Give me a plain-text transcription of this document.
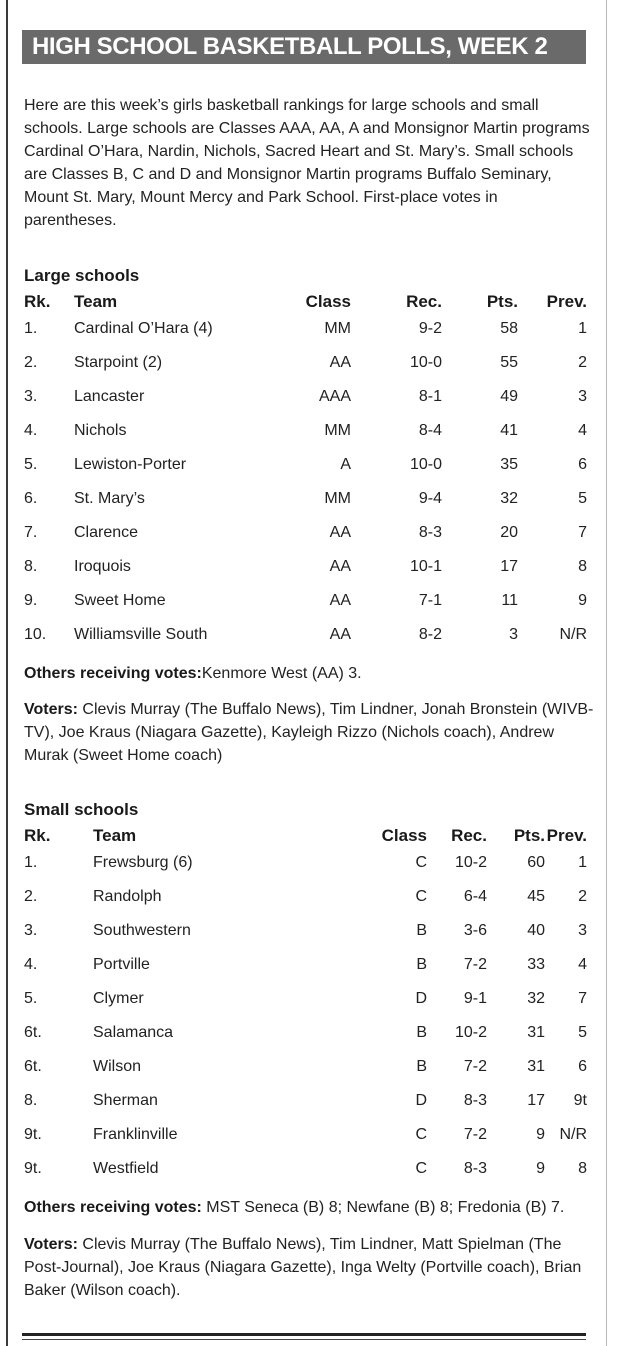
HIGH SCHOOL BASKETBALL POLLS, WEEK 2
Here are this week’s girls basketball rankings for large schools and small schools. Large schools are Classes AAA, AA, A and Monsignor Martin programs Cardinal O’Hara, Nardin, Nichols, Sacred Heart and St. Mary’s. Small schools are Classes B, C and D and Monsignor Martin programs Buffalo Seminary, Mount St. Mary, Mount Mercy and Park School. First-place votes in parentheses.
Large schools
Rk.	Team	Class	Rec.	Pts.	Prev.
1.	Cardinal O’Hara (4)	MM	9-2	58	1
2.	Starpoint (2)	AA	10-0	55	2
3.	Lancaster	AAA	8-1	49	3
4.	Nichols	MM	8-4	41	4
5.	Lewiston-Porter	A	10-0	35	6
6.	St. Mary’s	MM	9-4	32	5
7.	Clarence	AA	8-3	20	7
8.	Iroquois	AA	10-1	17	8
9.	Sweet Home	AA	7-1	11	9
10.	Williamsville South	AA	8-2	3	N/R
Others receiving votes:Kenmore West (AA) 3.
Voters: Clevis Murray (The Buffalo News), Tim Lindner, Jonah Bronstein (WIVB-TV), Joe Kraus (Niagara Gazette), Kayleigh Rizzo (Nichols coach), Andrew Murak (Sweet Home coach)
Small schools
Rk.	Team	Class	Rec.	Pts.	Prev.
1.	Frewsburg (6)	C	10-2	60	1
2.	Randolph	C	6-4	45	2
3.	Southwestern	B	3-6	40	3
4.	Portville	B	7-2	33	4
5.	Clymer	D	9-1	32	7
6t.	Salamanca	B	10-2	31	5
6t.	Wilson	B	7-2	31	6
8.	Sherman	D	8-3	17	9t
9t.	Franklinville	C	7-2	9	N/R
9t.	Westfield	C	8-3	9	8
Others receiving votes: MST Seneca (B) 8; Newfane (B) 8; Fredonia (B) 7.
Voters: Clevis Murray (The Buffalo News), Tim Lindner, Matt Spielman (The Post-Journal), Joe Kraus (Niagara Gazette), Inga Welty (Portville coach), Brian Baker (Wilson coach).
